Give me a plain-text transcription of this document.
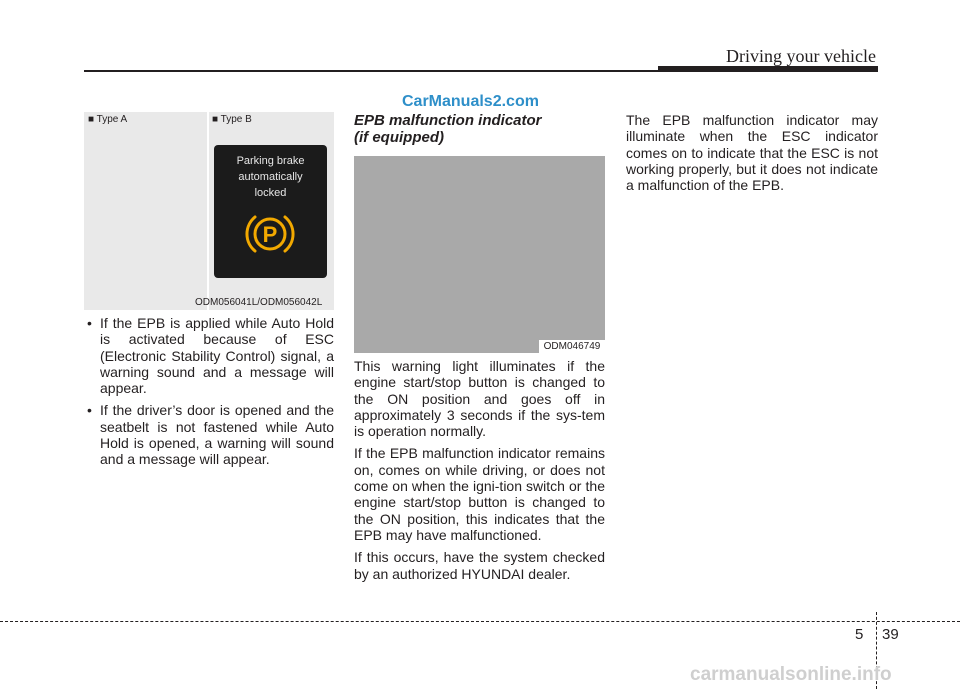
Driving your vehicle
CarManuals2.com
■ Type A	■ Type B
Parking brake
automatically
locked
P
ODM056041L/ODM056042L
• If the EPB is applied while Auto Hold is activated because of ESC (Electronic Stability Control) signal, a warning sound and a message will appear.
• If the driver’s door is opened and the seatbelt is not fastened while Auto Hold is opened, a warning will sound and a message will appear.
EPB malfunction indicator
(if equipped)
ODM046749

This warning light illuminates if the engine start/stop button is changed to the ON position and goes off in approximately 3 seconds if the sys-tem is operation normally.

If the EPB malfunction indicator remains on, comes on while driving, or does not come on when the igni-tion switch or the engine start/stop button is changed to the ON position, this indicates that the EPB may have malfunctioned.

If this occurs, have the system checked by an authorized HYUNDAI dealer.

The EPB malfunction indicator may illuminate when the ESC indicator comes on to indicate that the ESC is not working properly, but it does not indicate a malfunction of the EPB.
5 39
carmanualsonline.info
